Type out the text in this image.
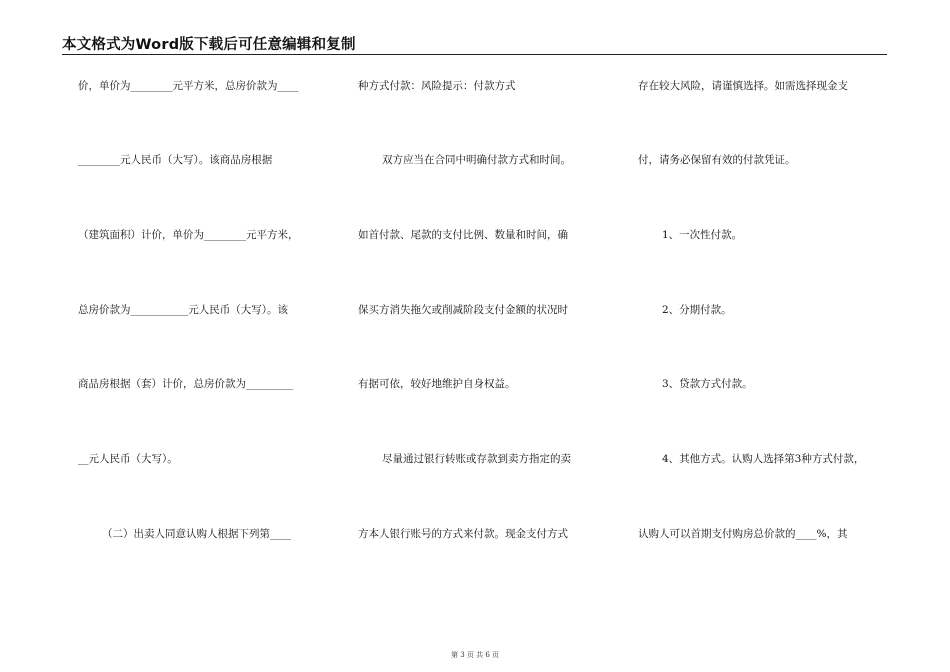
本文格式为Word版下载后可任意编辑和复制
价，单价为________元平方米，总房价款为____
________元人民币（大写）。该商品房根据
（建筑面积）计价，单价为________元平方米，
总房价款为___________元人民币（大写）。该
商品房根据（套）计价，总房价款为_________
__元人民币（大写）。
（二）出卖人同意认购人根据下列第____
种方式付款：风险提示：付款方式
双方应当在合同中明确付款方式和时间。
如首付款、尾款的支付比例、数量和时间，确
保买方消失拖欠或削减阶段支付金额的状况时
有据可依，较好地维护自身权益。
尽量通过银行转账或存款到卖方指定的卖
方本人银行账号的方式来付款。现金支付方式
存在较大风险，请谨慎选择。如需选择现金支
付，请务必保留有效的付款凭证。
1、一次性付款。
2、分期付款。
3、贷款方式付款。
4、其他方式。认购人选择第3种方式付款，
认购人可以首期支付购房总价款的____%，其
第 3 页 共 6 页
